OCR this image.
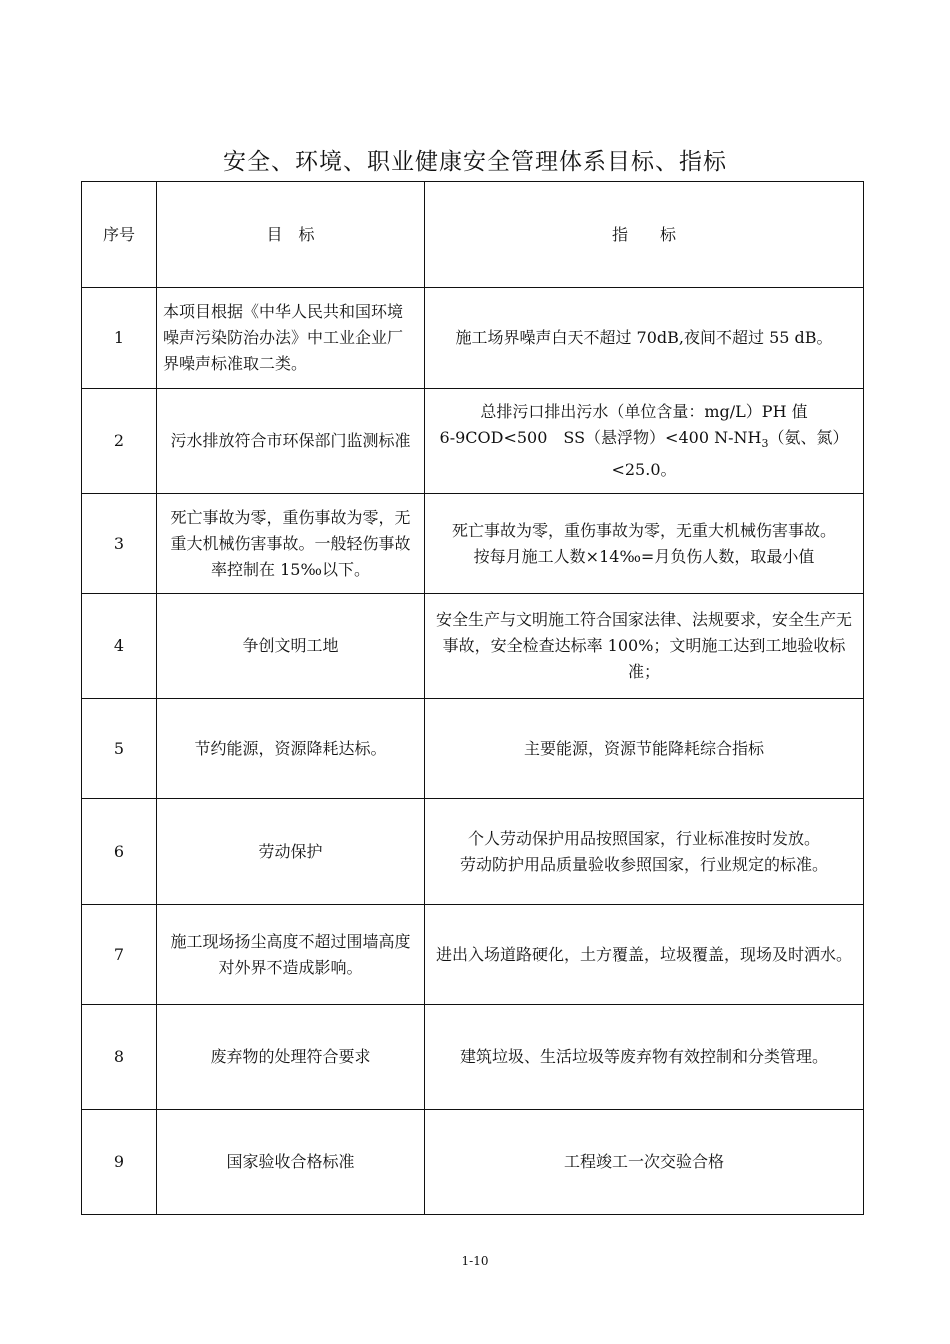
安全、环境、职业健康安全管理体系目标、指标
序号	目　标	指　　标
1	本项目根据《中华人民共和国环境噪声污染防治办法》中工业企业厂界噪声标准取二类。	施工场界噪声白天不超过 70dB,夜间不超过 55 dB。
2	污水排放符合市环保部门监测标准	总排污口排出污水（单位含量：mg/L）PH 值
6-9COD<500　SS（悬浮物）<400 $N-NH_3$（氨、氮）
<25.0。

3	死亡事故为零，重伤事故为零，无重大机械伤害事故。一般轻伤事故率控制在 15‰以下。	死亡事故为零，重伤事故为零，无重大机械伤害事故。
按每月施工人数×14‰=月负伤人数，取最小值

4	争创文明工地	安全生产与文明施工符合国家法律、法规要求，安全生产无事故，安全检查达标率 100%；文明施工达到工地验收标准；
5	节约能源，资源降耗达标。	主要能源，资源节能降耗综合指标
6	劳动保护	个人劳动保护用品按照国家，行业标准按时发放。
劳动防护用品质量验收参照国家，行业规定的标准。

7	施工现场扬尘高度不超过围墙高度对外界不造成影响。	进出入场道路硬化，土方覆盖，垃圾覆盖，现场及时洒水。
8	废弃物的处理符合要求	建筑垃圾、生活垃圾等废弃物有效控制和分类管理。
9	国家验收合格标准	工程竣工一次交验合格
1-10
